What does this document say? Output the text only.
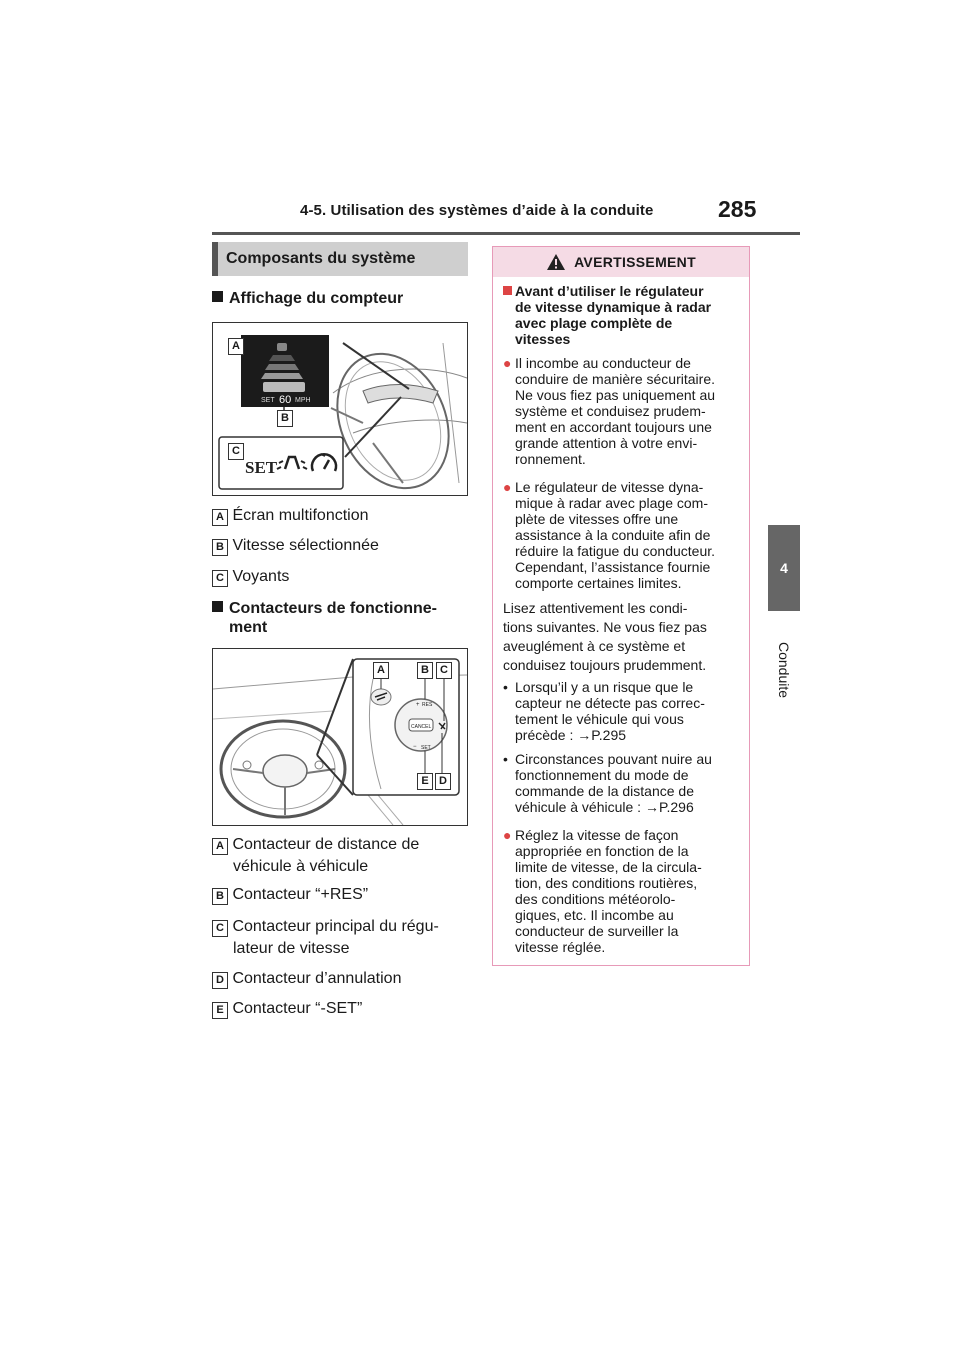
4-5. Utilisation des systèmes d’aide à la conduite	285
4
Conduite
Composants du système
Affichage du compteur
SET 60 MPH
SET
A
B
C
A Écran multifonction
B Vitesse sélectionnée
C Voyants
Contacteurs de fonctionne-
ment
CANCEL
+ RES
− SET
A	B	C
E D
A Contacteur de distance de
véhicule à véhicule
B Contacteur “+RES”
C Contacteur principal du régu-
lateur de vitesse
D Contacteur d’annulation
E Contacteur “-SET”
AVERTISSEMENT
Avant d’utiliser le régulateur
de vitesse dynamique à radar
avec plage complète de
vitesses
● Il incombe au conducteur de
conduire de manière sécuritaire.
Ne vous fiez pas uniquement au
système et conduisez prudem-
ment en accordant toujours une
grande attention à votre envi-
ronnement.
● Le régulateur de vitesse dyna-
mique à radar avec plage com-
plète de vitesses offre une
assistance à la conduite afin de
réduire la fatigue du conducteur.
Cependant, l’assistance fournie
comporte certaines limites.
Lisez attentivement les condi-
tions suivantes. Ne vous fiez pas
aveuglément à ce système et
conduisez toujours prudemment.
• Lorsqu’il y a un risque que le
capteur ne détecte pas correc-
tement le véhicule qui vous
précède : →P.295
• Circonstances pouvant nuire au
fonctionnement du mode de
commande de la distance de
véhicule à véhicule : →P.296
● Réglez la vitesse de façon
appropriée en fonction de la
limite de vitesse, de la circula-
tion, des conditions routières,
des conditions météorolo-
giques, etc. Il incombe au
conducteur de surveiller la
vitesse réglée.
